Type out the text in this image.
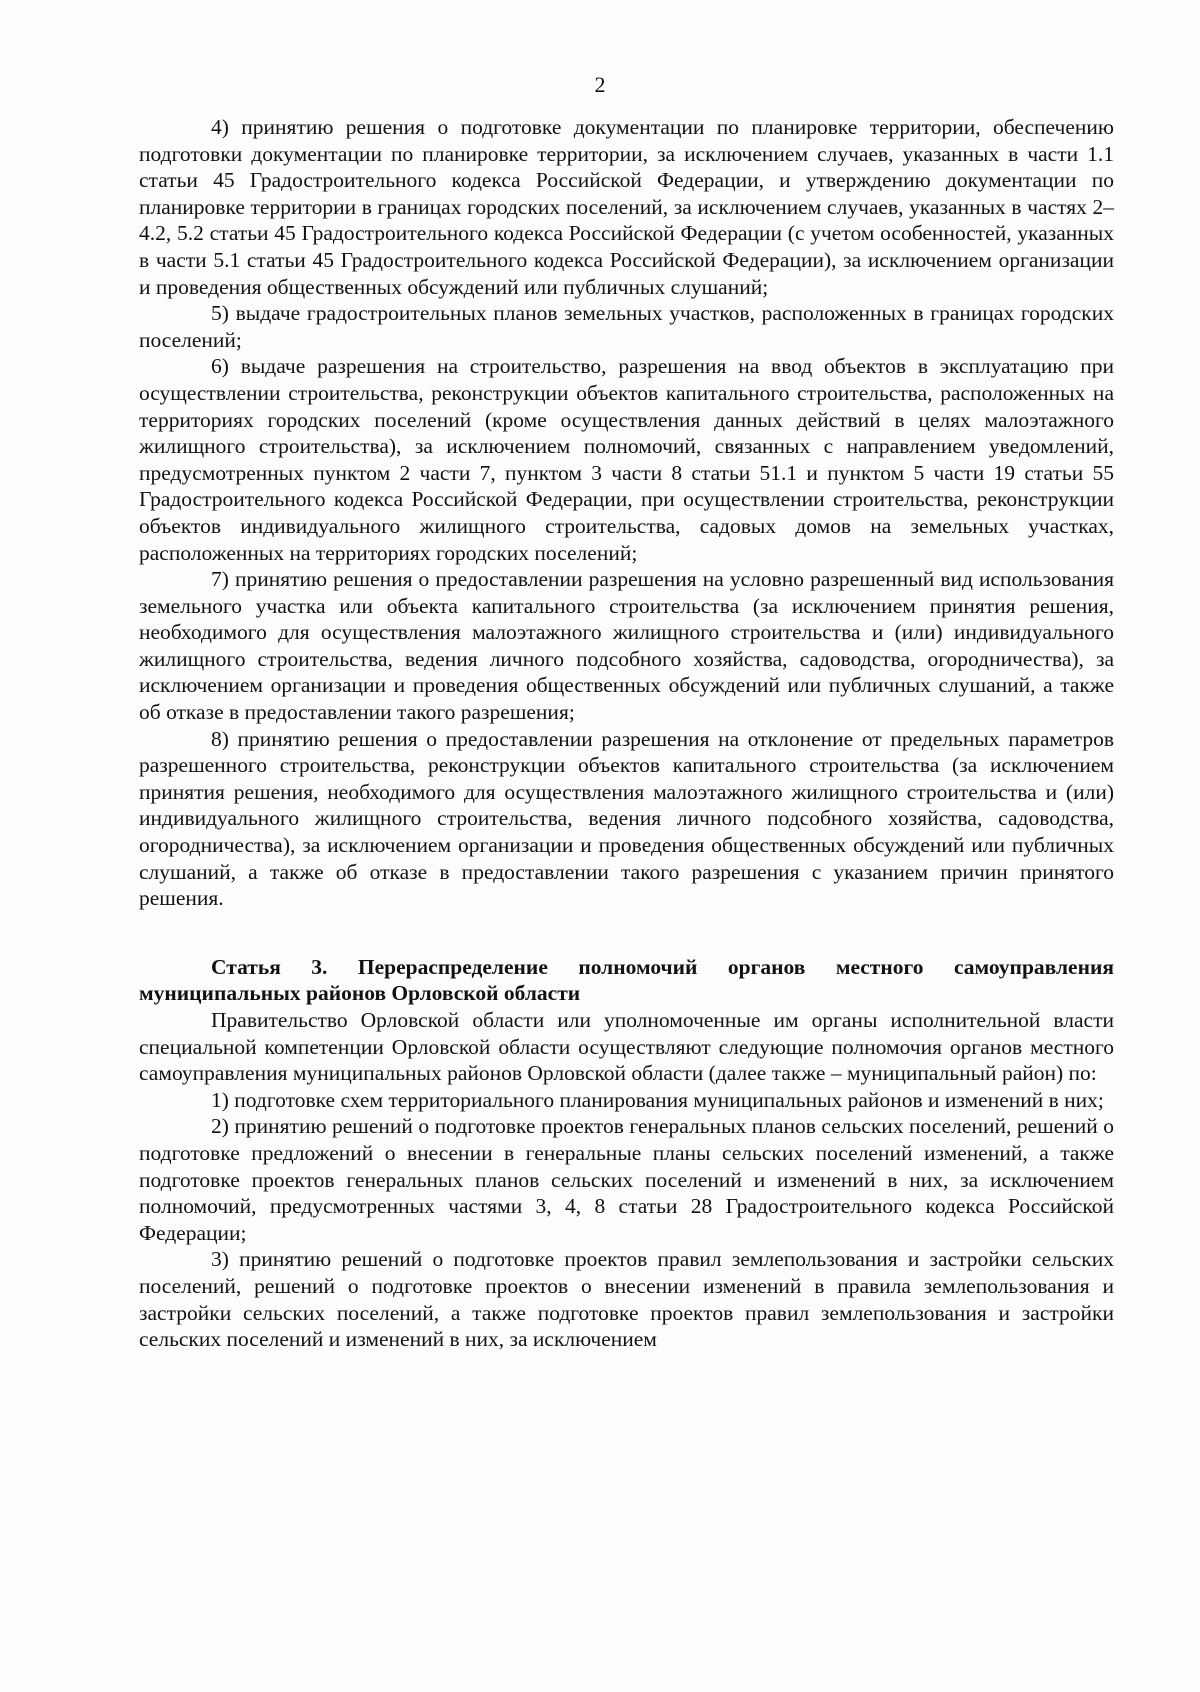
2

4) принятию решения о подготовке документации по планировке территории, обеспечению подготовки документации по планировке территории, за исключением случаев, указанных в части 1.1 статьи 45 Градостроительного кодекса Российской Федерации, и утверждению документации по планировке территории в границах городских поселений, за исключением случаев, указанных в частях 2–4.2, 5.2 статьи 45 Градостроительного кодекса Российской Федерации (с учетом особенностей, указанных в части 5.1 статьи 45 Градостроительного кодекса Российской Федерации), за исключением организации и проведения общественных обсуждений или публичных слушаний;

5) выдаче градостроительных планов земельных участков, расположенных в границах городских поселений;

6) выдаче разрешения на строительство, разрешения на ввод объектов в эксплуатацию при осуществлении строительства, реконструкции объектов капитального строительства, расположенных на территориях городских поселений (кроме осуществления данных действий в целях малоэтажного жилищного строительства), за исключением полномочий, связанных с направлением уведомлений, предусмотренных пунктом 2 части 7, пунктом 3 части 8 статьи 51.1 и пунктом 5 части 19 статьи 55 Градостроительного кодекса Российской Федерации, при осуществлении строительства, реконструкции объектов индивидуального жилищного строительства, садовых домов на земельных участках, расположенных на территориях городских поселений;

7) принятию решения о предоставлении разрешения на условно разрешенный вид использования земельного участка или объекта капитального строительства (за исключением принятия решения, необходимого для осуществления малоэтажного жилищного строительства и (или) индивидуального жилищного строительства, ведения личного подсобного хозяйства, садоводства, огородничества), за исключением организации и проведения общественных обсуждений или публичных слушаний, а также об отказе в предоставлении такого разрешения;

8) принятию решения о предоставлении разрешения на отклонение от предельных параметров разрешенного строительства, реконструкции объектов капитального строительства (за исключением принятия решения, необходимого для осуществления малоэтажного жилищного строительства и (или) индивидуального жилищного строительства, ведения личного подсобного хозяйства, садоводства, огородничества), за исключением организации и проведения общественных обсуждений или публичных слушаний, а также об отказе в предоставлении такого разрешения с указанием причин принятого решения.

Статья 3. Перераспределение полномочий органов местного самоуправления муниципальных районов Орловской области

Правительство Орловской области или уполномоченные им органы исполнительной власти специальной компетенции Орловской области осуществляют следующие полномочия органов местного самоуправления муниципальных районов Орловской области (далее также – муниципальный район) по:

1) подготовке схем территориального планирования муниципальных районов и изменений в них;

2) принятию решений о подготовке проектов генеральных планов сельских поселений, решений о подготовке предложений о внесении в генеральные планы сельских поселений изменений, а также подготовке проектов генеральных планов сельских поселений и изменений в них, за исключением полномочий, предусмотренных частями 3, 4, 8 статьи 28 Градостроительного кодекса Российской Федерации;

3) принятию решений о подготовке проектов правил землепользования и застройки сельских поселений, решений о подготовке проектов о внесении изменений в правила землепользования и застройки сельских поселений, а также подготовке проектов правил землепользования и застройки сельских поселений и изменений в них, за исключением
